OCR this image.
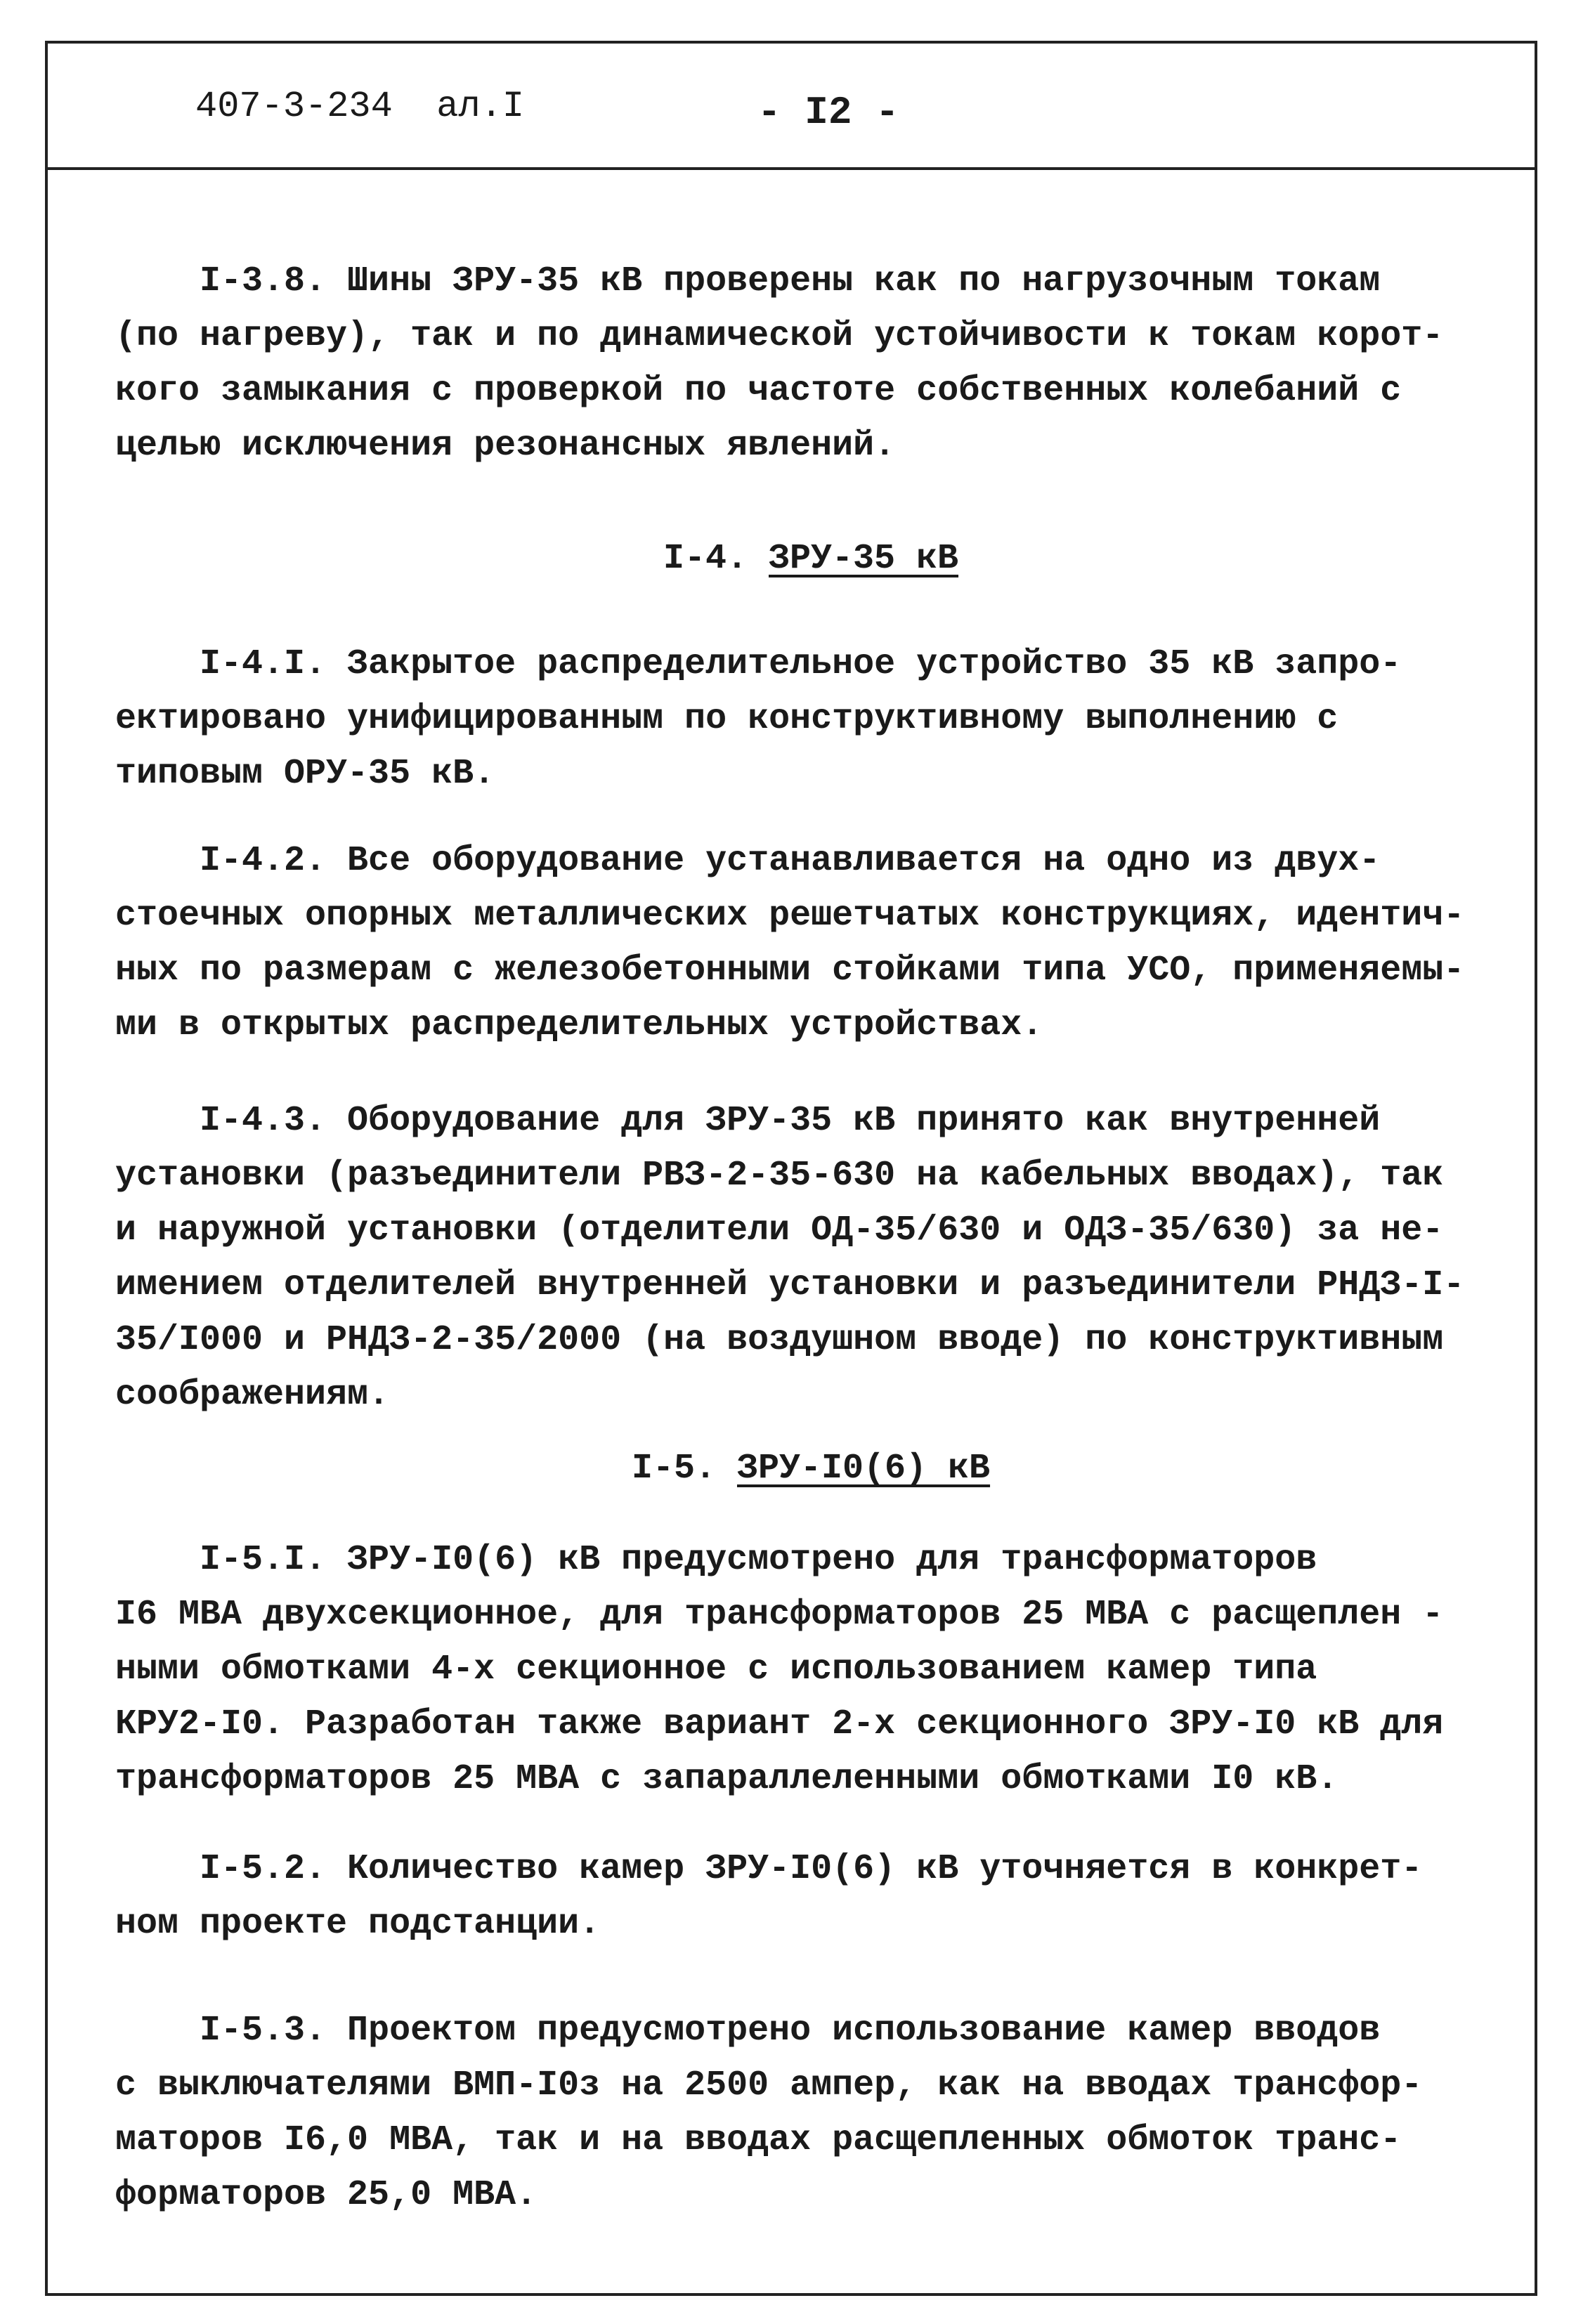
407-3-234  ал.I	- I2 -
I-3.8. Шины ЗРУ-35 кВ проверены как по нагрузочным токам
(по нагреву), так и по динамической устойчивости к токам корот-
кого замыкания с проверкой по частоте собственных колебаний с
целью исключения резонансных явлений.
I-4. ЗРУ-35 кВ
I-4.I. Закрытое распределительное устройство 35 кВ запро-
ектировано унифицированным по конструктивному выполнению с
типовым ОРУ-35 кВ.
I-4.2. Все оборудование устанавливается на одно из двух-
стоечных опорных металлических решетчатых конструкциях, идентич-
ных по размерам с железобетонными стойками типа УСО, применяемы-
ми в открытых распределительных устройствах.
I-4.3. Оборудование для ЗРУ-35 кВ принято как внутренней
установки (разъединители РВЗ-2-35-630 на кабельных вводах), так
и наружной установки (отделители ОД-35/630 и ОДЗ-35/630) за не-
имением отделителей внутренней установки и разъединители РНДЗ-I-
35/I000 и РНДЗ-2-35/2000 (на воздушном вводе) по конструктивным
соображениям.
I-5. ЗРУ-I0(6) кВ
I-5.I. ЗРУ-I0(6) кВ предусмотрено для трансформаторов
I6 МВА двухсекционное, для трансформаторов 25 МВА с расщеплен -
ными обмотками 4-х секционное с использованием камер типа
КРУ2-I0. Разработан также вариант 2-х секционного ЗРУ-I0 кВ для
трансформаторов 25 МВА с запараллеленными обмотками I0 кВ.
I-5.2. Количество камер ЗРУ-I0(6) кВ уточняется в конкрет-
ном проекте подстанции.
I-5.3. Проектом предусмотрено использование камер вводов
с выключателями ВМП-I0з на 2500 ампер, как на вводах трансфор-
маторов I6,0 МВА, так и на вводах расщепленных обмоток транс-
форматоров 25,0 МВА.
